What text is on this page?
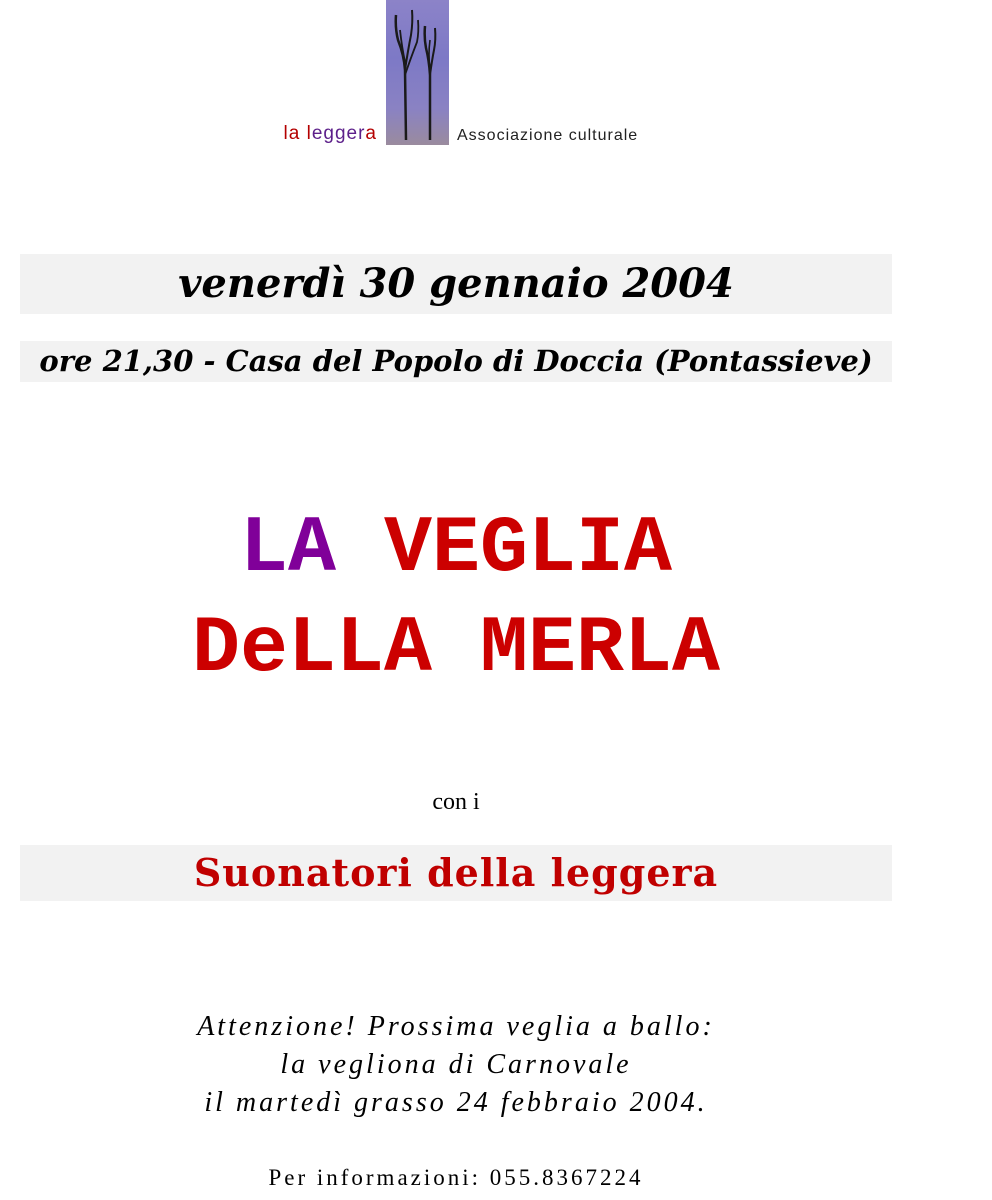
la leggera	Associazione culturale
venerdì 30 gennaio 2004
ore 21,30 - Casa del Popolo di Doccia (Pontassieve)
LA VEGLIA
DeLLA MERLA
con i
Suonatori della leggera
Attenzione! Prossima veglia a ballo:
la vegliona di Carnovale
il martedì grasso 24 febbraio 2004.
Per informazioni: 055.8367224
